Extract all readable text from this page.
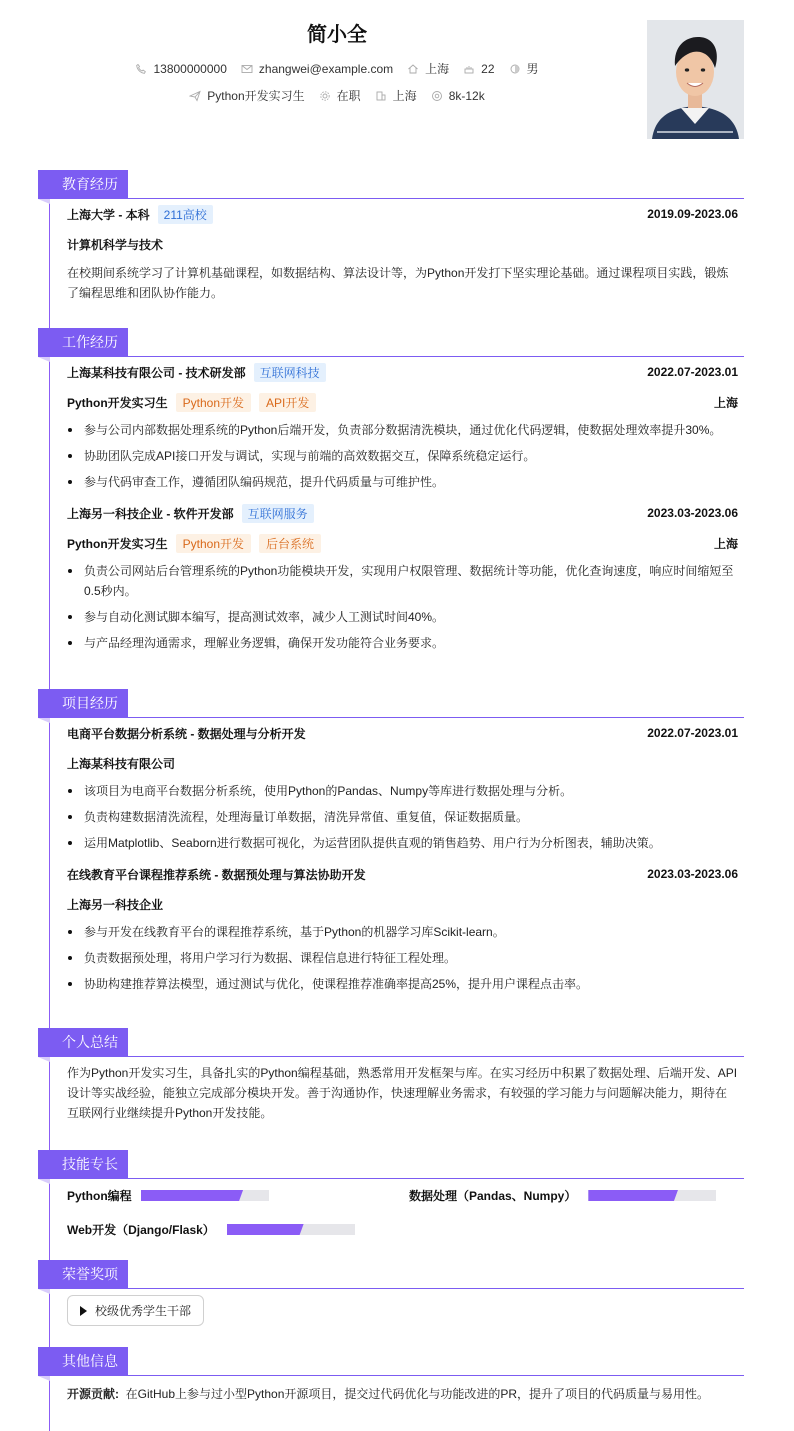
简小全
13800000000	zhangwei@example.com	上海	22	男
Python开发实习生	在职	上海	8k-12k
教育经历
上海大学 - 本科	211高校	2019.09-2023.06
计算机科学与技术
在校期间系统学习了计算机基础课程，如数据结构、算法设计等，为Python开发打下坚实理论基础。通过课程项目实践，锻炼了编程思维和团队协作能力。
工作经历
上海某科技有限公司 - 技术研发部	互联网科技	2022.07-2023.01
Python开发实习生	Python开发	API开发	上海
参与公司内部数据处理系统的Python后端开发，负责部分数据清洗模块，通过优化代码逻辑，使数据处理效率提升30%。
协助团队完成API接口开发与调试，实现与前端的高效数据交互，保障系统稳定运行。
参与代码审查工作，遵循团队编码规范，提升代码质量与可维护性。
上海另一科技企业 - 软件开发部	互联网服务	2023.03-2023.06
Python开发实习生	Python开发	后台系统	上海
负责公司网站后台管理系统的Python功能模块开发，实现用户权限管理、数据统计等功能，优化查询速度，响应时间缩短至0.5秒内。
参与自动化测试脚本编写，提高测试效率，减少人工测试时间40%。
与产品经理沟通需求，理解业务逻辑，确保开发功能符合业务要求。
项目经历
电商平台数据分析系统 - 数据处理与分析开发	2022.07-2023.01
上海某科技有限公司
该项目为电商平台数据分析系统，使用Python的Pandas、Numpy等库进行数据处理与分析。
负责构建数据清洗流程，处理海量订单数据，清洗异常值、重复值，保证数据质量。
运用Matplotlib、Seaborn进行数据可视化，为运营团队提供直观的销售趋势、用户行为分析图表，辅助决策。
在线教育平台课程推荐系统 - 数据预处理与算法协助开发	2023.03-2023.06
上海另一科技企业
参与开发在线教育平台的课程推荐系统，基于Python的机器学习库Scikit-learn。
负责数据预处理，将用户学习行为数据、课程信息进行特征工程处理。
协助构建推荐算法模型，通过测试与优化，使课程推荐准确率提高25%，提升用户课程点击率。
个人总结
作为Python开发实习生，具备扎实的Python编程基础，熟悉常用开发框架与库。在实习经历中积累了数据处理、后端开发、API设计等实战经验，能独立完成部分模块开发。善于沟通协作，快速理解业务需求，有较强的学习能力与问题解决能力，期待在互联网行业继续提升Python开发技能。
技能专长
Python编程	数据处理（Pandas、Numpy）
Web开发（Django/Flask）
荣誉奖项
校级优秀学生干部
其他信息
开源贡献: 在GitHub上参与过小型Python开源项目，提交过代码优化与功能改进的PR，提升了项目的代码质量与易用性。
